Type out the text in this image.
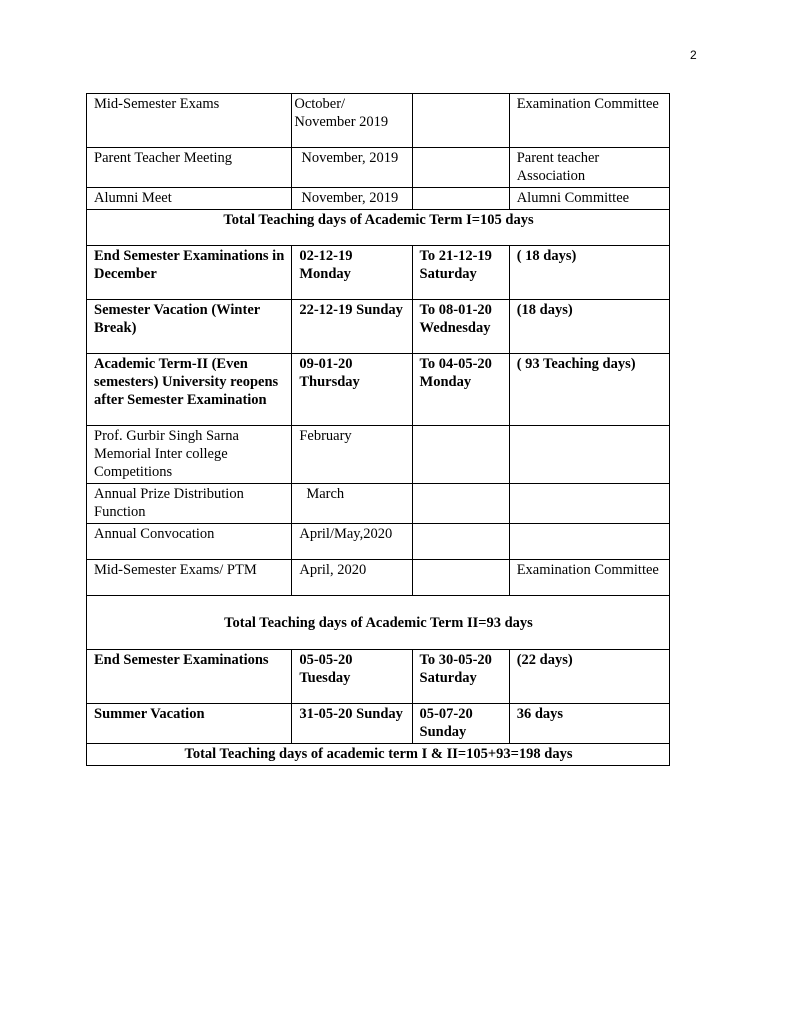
2
Mid-Semester Exams	October/ November 2019		Examination Committee
Parent Teacher Meeting	November, 2019		Parent teacher Association
Alumni Meet	November, 2019		Alumni Committee
Total Teaching days of Academic Term I=105 days			
End Semester Examinations in December	02-12-19 Monday	To 21-12-19 Saturday	( 18 days)
Semester Vacation (Winter Break)	22-12-19 Sunday	To 08-01-20 Wednesday	(18 days)
Academic Term-II (Even semesters) University reopens after Semester Examination	09-01-20 Thursday	To 04-05-20 Monday	( 93 Teaching days)
Prof. Gurbir Singh Sarna Memorial Inter college Competitions	February		
Annual Prize Distribution Function	March		
Annual Convocation	April/May,2020		
Mid-Semester Exams/ PTM	April, 2020		Examination Committee
Total Teaching days of Academic Term II=93 days			
End Semester Examinations	05-05-20 Tuesday	To 30-05-20 Saturday	(22 days)
Summer Vacation	31-05-20 Sunday	05-07-20 Sunday	36 days
Total Teaching days of academic term I & II=105+93=198 days			
